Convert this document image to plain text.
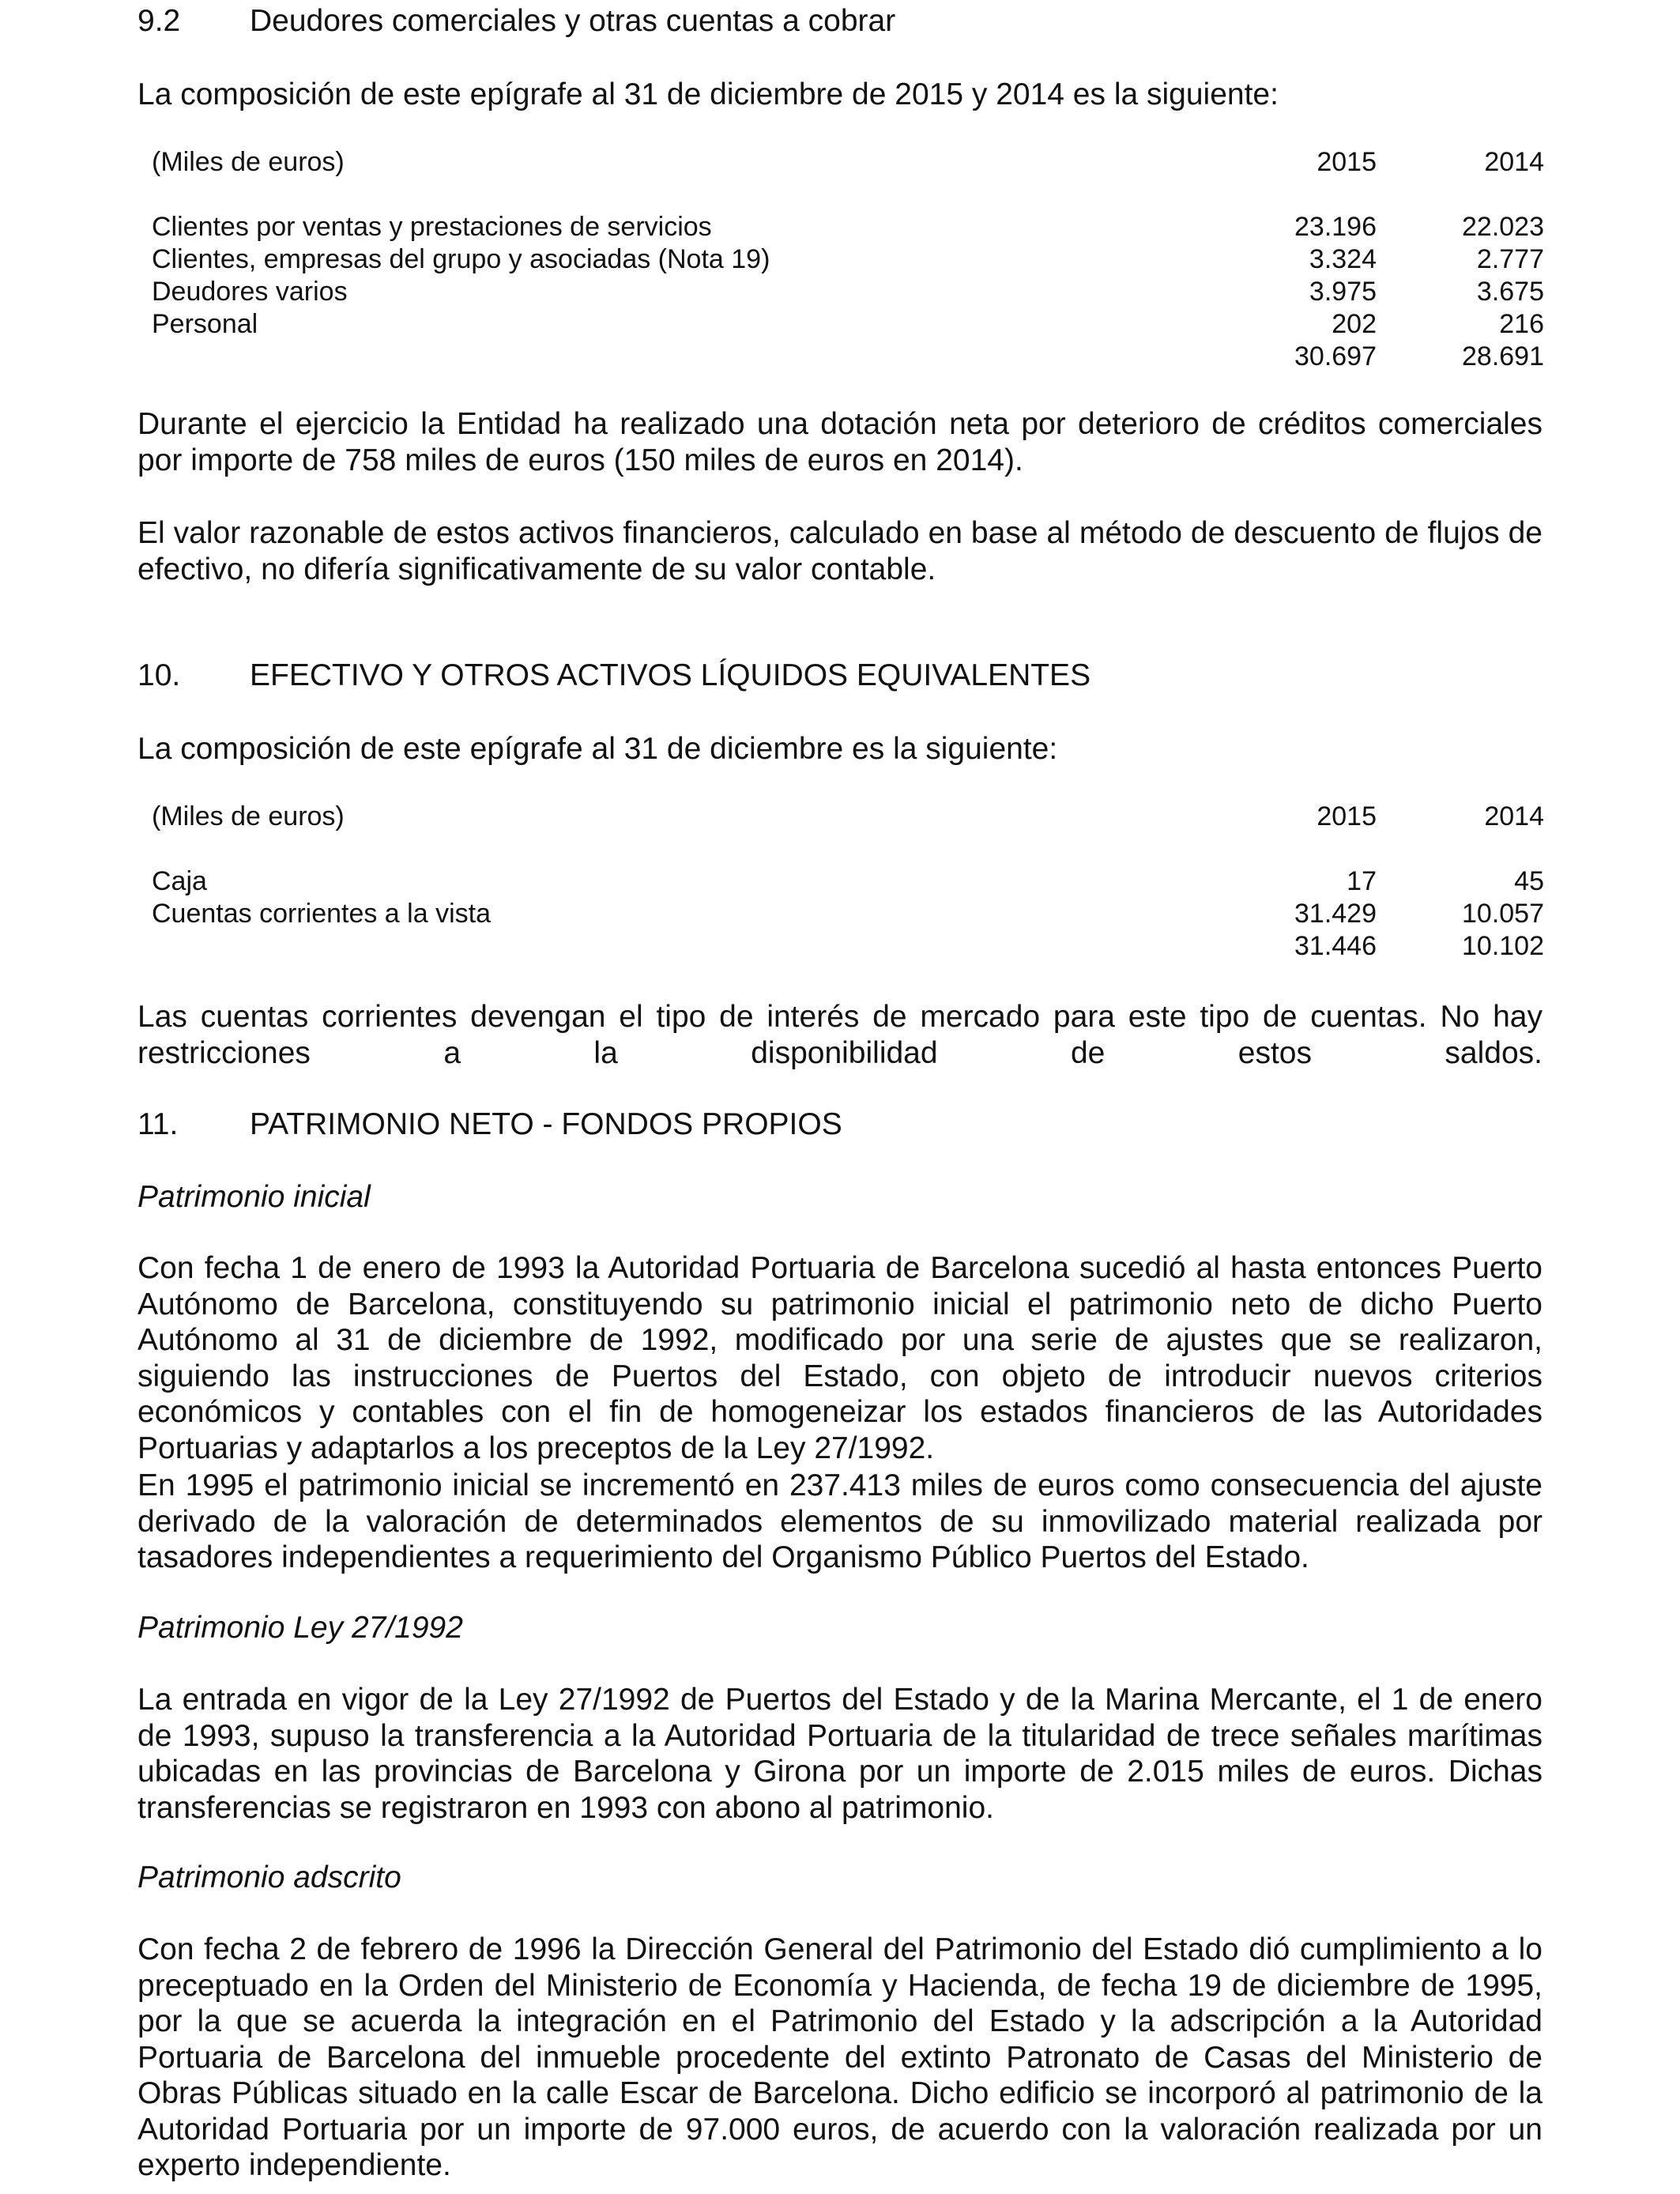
9.2 Deudores comerciales y otras cuentas a cobrar
La composición de este epígrafe al 31 de diciembre de 2015 y 2014 es la siguiente:
(Miles de euros)	2015	2014

Clientes por ventas y prestaciones de servicios	23.196	22.023
Clientes, empresas del grupo y asociadas (Nota 19)	3.324	2.777
Deudores varios	3.975	3.675
Personal	202	216
	30.697	28.691

Durante el ejercicio la Entidad ha realizado una dotación neta por deterioro de créditos comerciales por importe de 758 miles de euros (150 miles de euros en 2014).

El valor razonable de estos activos financieros, calculado en base al método de descuento de flujos de efectivo, no difería significativamente de su valor contable.

10. EFECTIVO Y OTROS ACTIVOS LÍQUIDOS EQUIVALENTES
La composición de este epígrafe al 31 de diciembre es la siguiente:
(Miles de euros)	2015	2014

Caja	17	45
Cuentas corrientes a la vista	31.429	10.057
	31.446	10.102

Las cuentas corrientes devengan el tipo de interés de mercado para este tipo de cuentas. No hay restricciones a la disponibilidad de estos saldos.

11. PATRIMONIO NETO - FONDOS PROPIOS
Patrimonio inicial

Con fecha 1 de enero de 1993 la Autoridad Portuaria de Barcelona sucedió al hasta entonces Puerto Autónomo de Barcelona, constituyendo su patrimonio inicial el patrimonio neto de dicho Puerto Autónomo al 31 de diciembre de 1992, modificado por una serie de ajustes que se realizaron, siguiendo las instrucciones de Puertos del Estado, con objeto de introducir nuevos criterios económicos y contables con el fin de homogeneizar los estados financieros de las Autoridades Portuarias y adaptarlos a los preceptos de la Ley 27/1992.

En 1995 el patrimonio inicial se incrementó en 237.413 miles de euros como consecuencia del ajuste derivado de la valoración de determinados elementos de su inmovilizado material realizada por tasadores independientes a requerimiento del Organismo Público Puertos del Estado.

Patrimonio Ley 27/1992

La entrada en vigor de la Ley 27/1992 de Puertos del Estado y de la Marina Mercante, el 1 de enero de 1993, supuso la transferencia a la Autoridad Portuaria de la titularidad de trece señales marítimas ubicadas en las provincias de Barcelona y Girona por un importe de 2.015 miles de euros. Dichas transferencias se registraron en 1993 con abono al patrimonio.

Patrimonio adscrito

Con fecha 2 de febrero de 1996 la Dirección General del Patrimonio del Estado dió cumplimiento a lo preceptuado en la Orden del Ministerio de Economía y Hacienda, de fecha 19 de diciembre de 1995, por la que se acuerda la integración en el Patrimonio del Estado y la adscripción a la Autoridad Portuaria de Barcelona del inmueble procedente del extinto Patronato de Casas del Ministerio de Obras Públicas situado en la calle Escar de Barcelona. Dicho edificio se incorporó al patrimonio de la Autoridad Portuaria por un importe de 97.000 euros, de acuerdo con la valoración realizada por un experto independiente.
